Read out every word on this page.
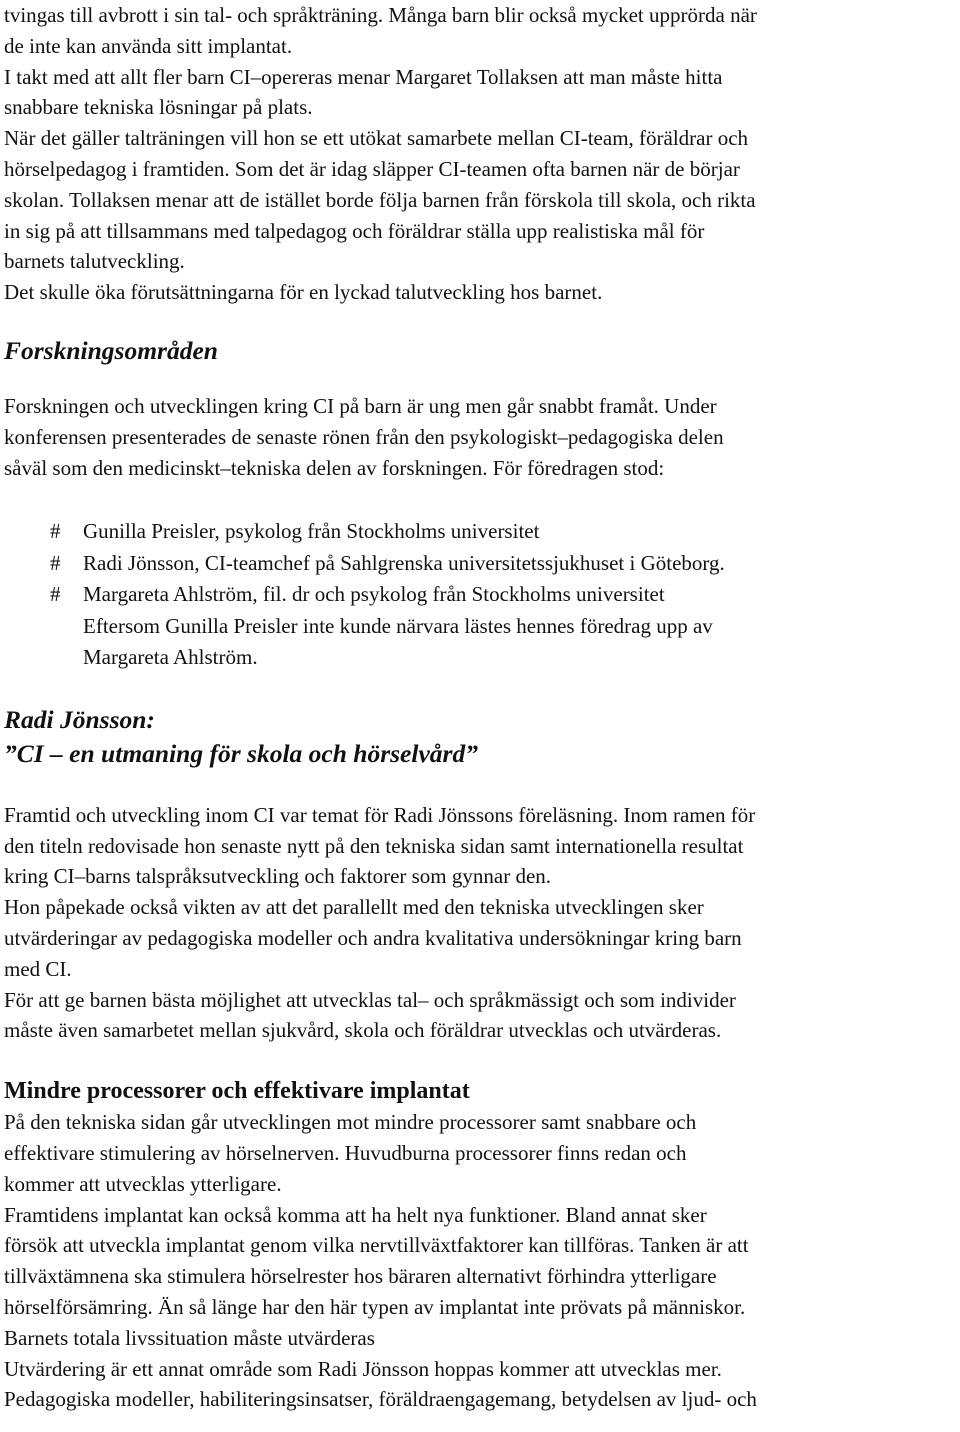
tvingas till avbrott i sin tal- och språkträning. Många barn blir också mycket upprörda när
de inte kan använda sitt implantat.
I takt med att allt fler barn CI–opereras menar Margaret Tollaksen att man måste hitta
snabbare tekniska lösningar på plats.
När det gäller talträningen vill hon se ett utökat samarbete mellan CI-team, föräldrar och
hörselpedagog i framtiden. Som det är idag släpper CI-teamen ofta barnen när de börjar
skolan. Tollaksen menar att de istället borde följa barnen från förskola till skola, och rikta
in sig på att tillsammans med talpedagog och föräldrar ställa upp realistiska mål för
barnets talutveckling.
Det skulle öka förutsättningarna för en lyckad talutveckling hos barnet.
Forskningsområden
Forskningen och utvecklingen kring CI på barn är ung men går snabbt framåt. Under
konferensen presenterades de senaste rönen från den psykologiskt–pedagogiska delen
såväl som den medicinskt–tekniska delen av forskningen. För föredragen stod:
#	Gunilla Preisler, psykolog från Stockholms universitet
#	Radi Jönsson, CI-teamchef på Sahlgrenska universitetssjukhuset i Göteborg.
#	Margareta Ahlström, fil. dr och psykolog från Stockholms universitet
Eftersom Gunilla Preisler inte kunde närvara lästes hennes föredrag upp av
Margareta Ahlström.
Radi Jönsson:
”CI – en utmaning för skola och hörselvård”
Framtid och utveckling inom CI var temat för Radi Jönssons föreläsning. Inom ramen för
den titeln redovisade hon senaste nytt på den tekniska sidan samt internationella resultat
kring CI–barns talspråksutveckling och faktorer som gynnar den.
Hon påpekade också vikten av att det parallellt med den tekniska utvecklingen sker
utvärderingar av pedagogiska modeller och andra kvalitativa undersökningar kring barn
med CI.
För att ge barnen bästa möjlighet att utvecklas tal– och språkmässigt och som individer
måste även samarbetet mellan sjukvård, skola och föräldrar utvecklas och utvärderas.
Mindre processorer och effektivare implantat
På den tekniska sidan går utvecklingen mot mindre processorer samt snabbare och
effektivare stimulering av hörselnerven. Huvudburna processorer finns redan och
kommer att utvecklas ytterligare.
Framtidens implantat kan också komma att ha helt nya funktioner. Bland annat sker
försök att utveckla implantat genom vilka nervtillväxtfaktorer kan tillföras. Tanken är att
tillväxtämnena ska stimulera hörselrester hos bäraren alternativt förhindra ytterligare
hörselförsämring. Än så länge har den här typen av implantat inte prövats på människor.
Barnets totala livssituation måste utvärderas
Utvärdering är ett annat område som Radi Jönsson hoppas kommer att utvecklas mer.
Pedagogiska modeller, habiliteringsinsatser, föräldraengagemang, betydelsen av ljud- och
